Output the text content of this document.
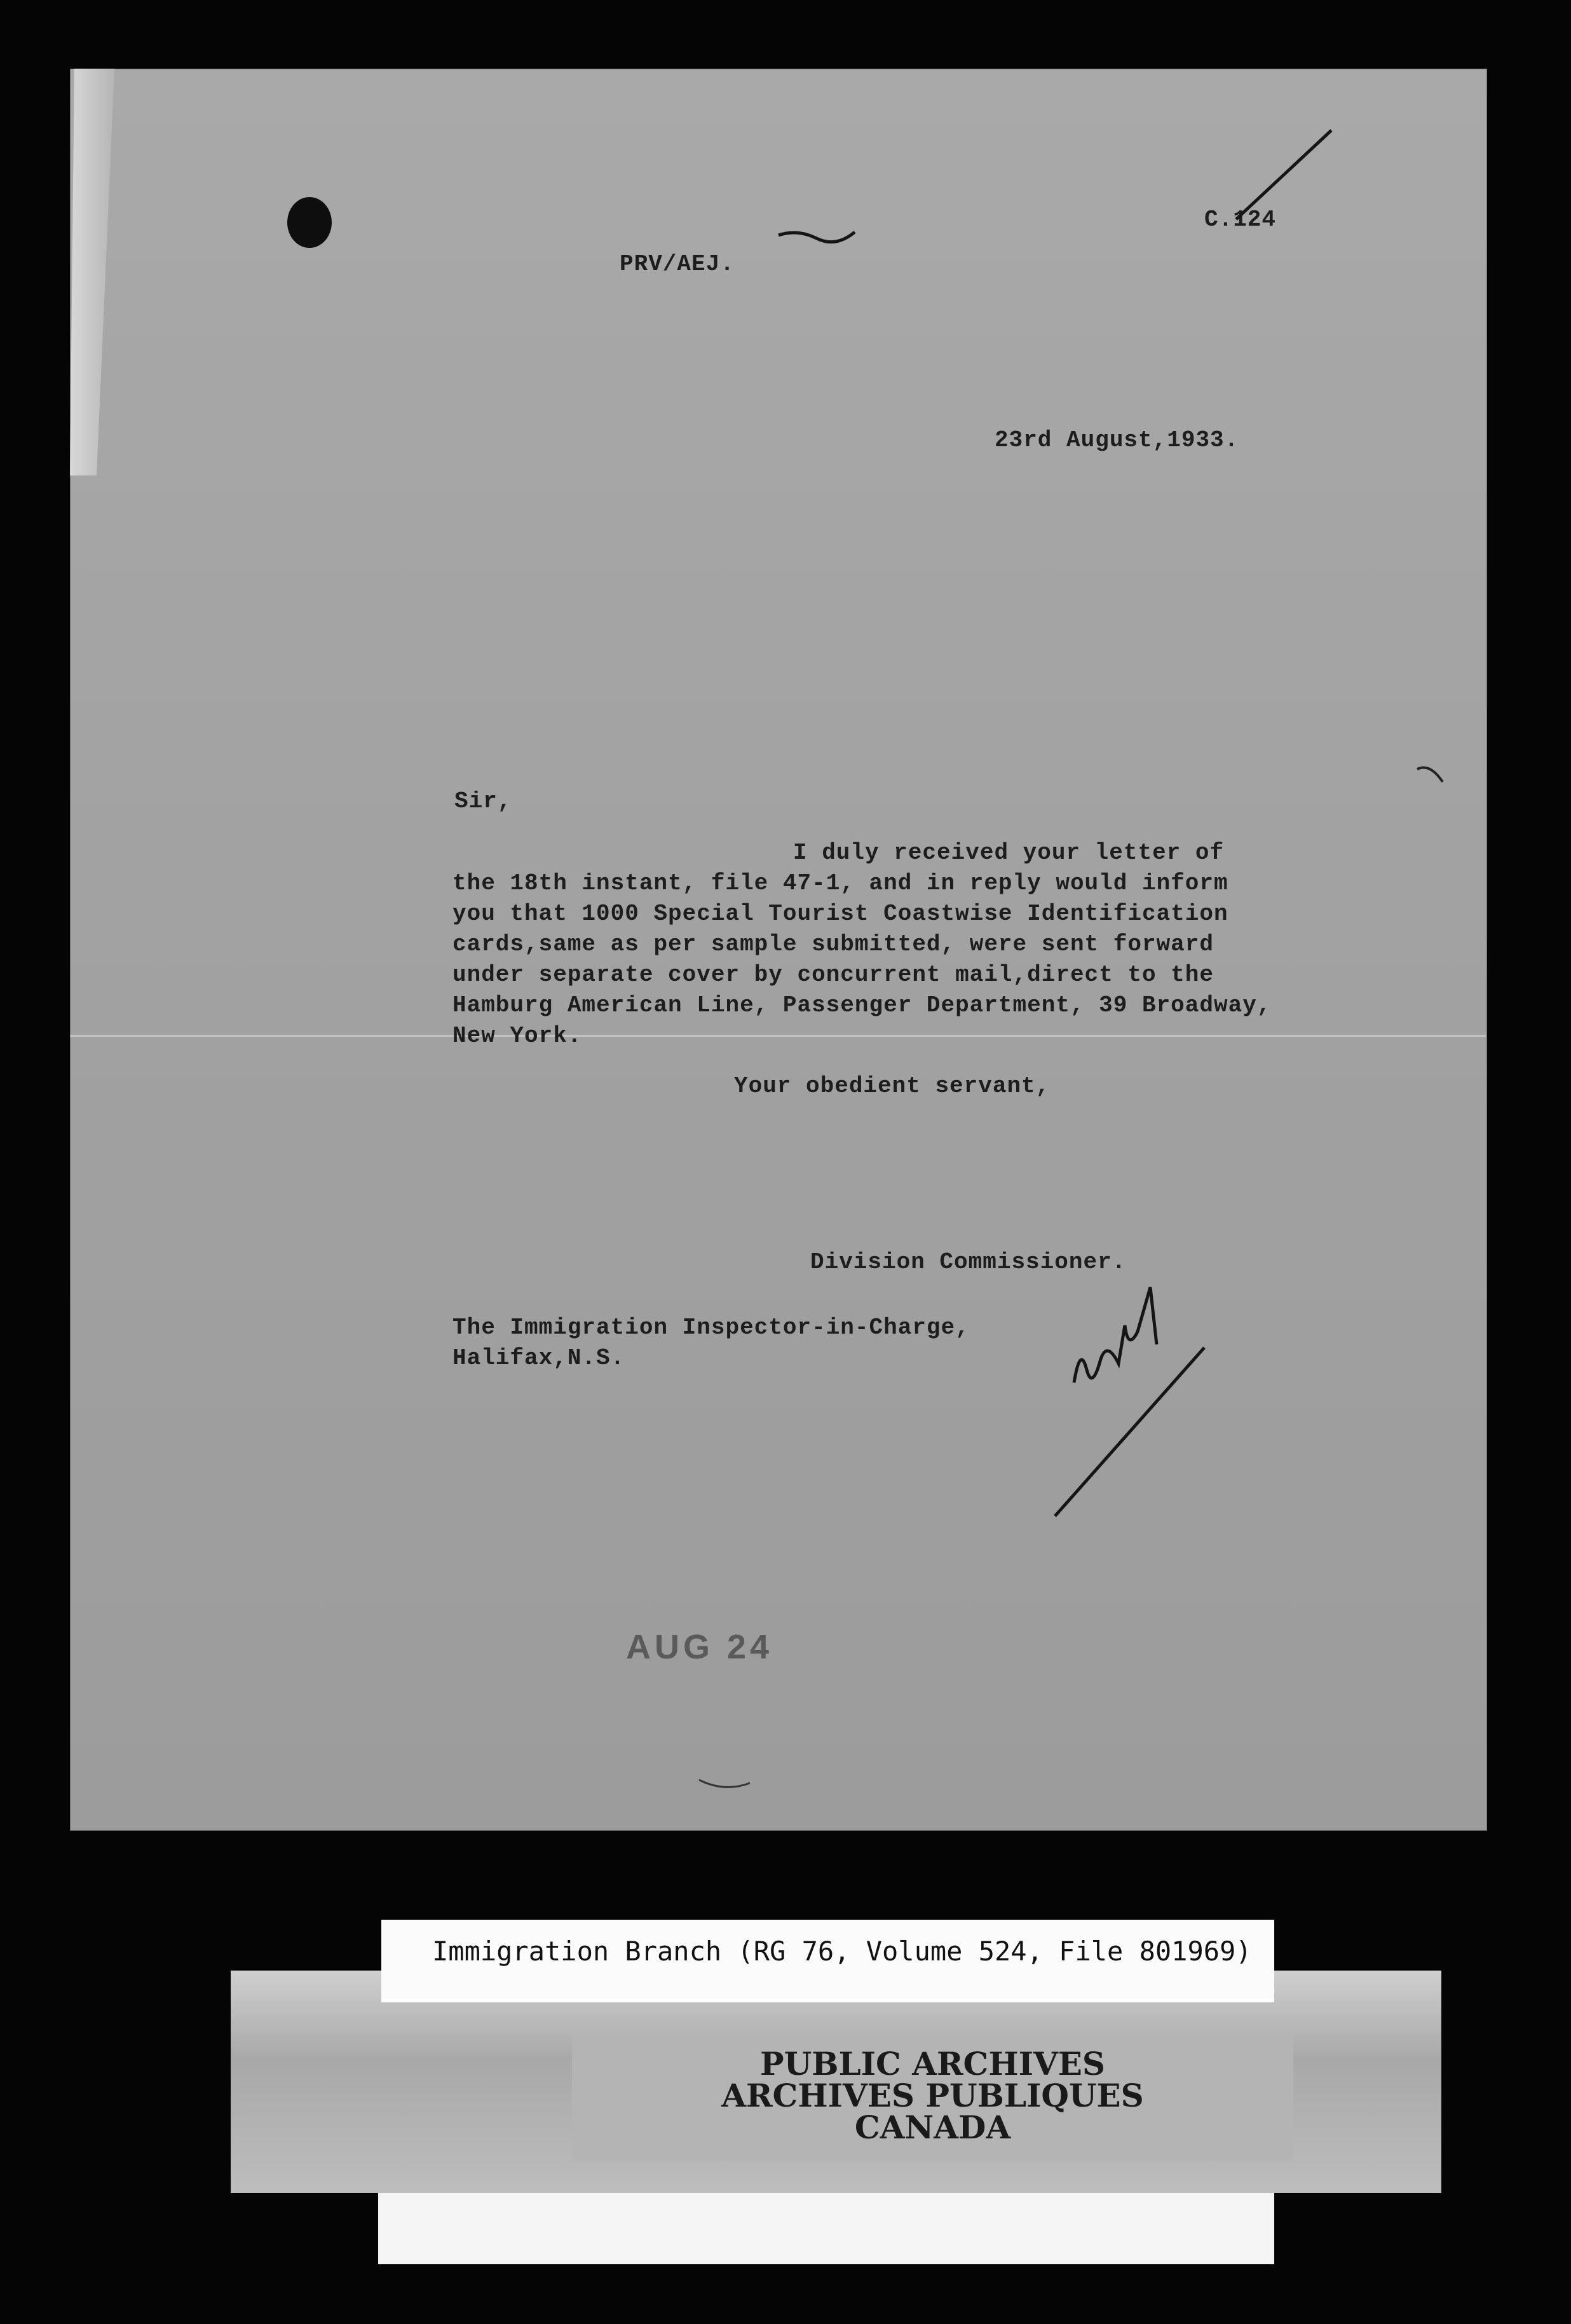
PRV/AEJ.
C.124
23rd August,1933.
Sir,
I duly received your letter of
the 18th instant, file 47-1, and in reply would inform
you that 1000 Special Tourist Coastwise Identification
cards,same as per sample submitted, were sent forward
under separate cover by concurrent mail,direct to the
Hamburg American Line, Passenger Department, 39 Broadway,
New York.
Your obedient servant,
Division Commissioner.
The Immigration Inspector-in-Charge,
Halifax,N.S.
AUG 24
PUBLIC ARCHIVES
ARCHIVES PUBLIQUES
CANADA
Immigration Branch (RG 76, Volume 524, File 801969)
